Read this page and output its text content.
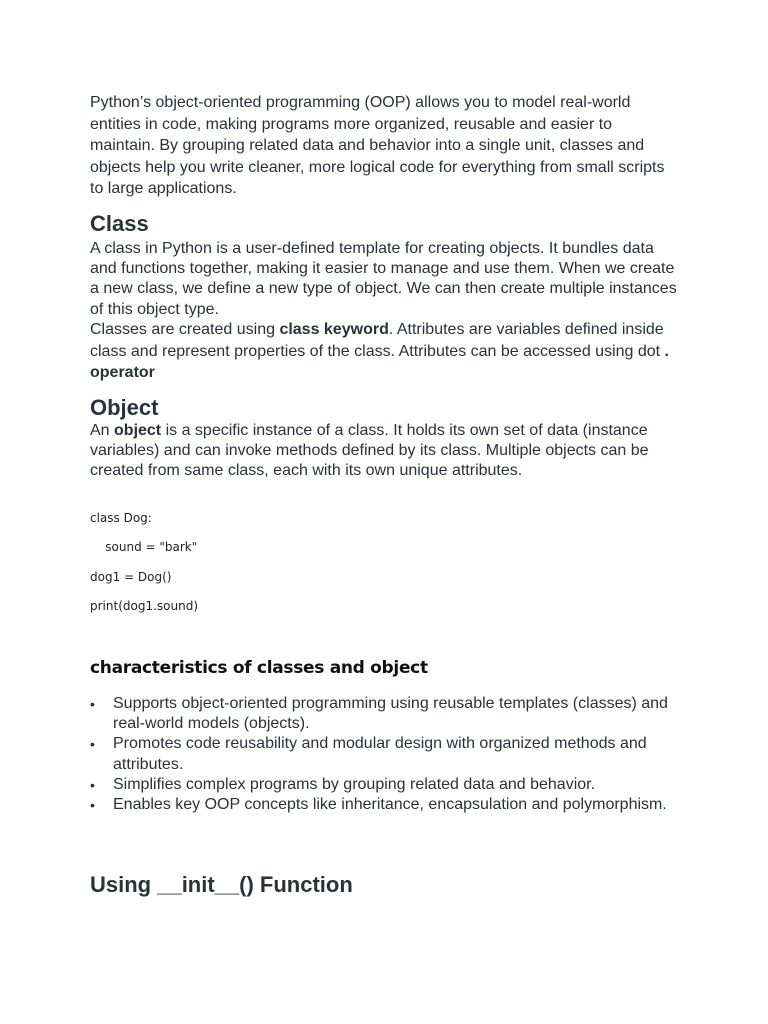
Python’s object-oriented programming (OOP) allows you to model real-world entities in code, making programs more organized, reusable and easier to maintain. By grouping related data and behavior into a single unit, classes and objects help you write cleaner, more logical code for everything from small scripts to large applications.

Class

A class in Python is a user-defined template for creating objects. It bundles data and functions together, making it easier to manage and use them. When we create a new class, we define a new type of object. We can then create multiple instances of this object type.

Classes are created using class keyword. Attributes are variables defined inside class and represent properties of the class. Attributes can be accessed using dot . operator

Object

An object is a specific instance of a class. It holds its own set of data (instance variables) and can invoke methods defined by its class. Multiple objects can be created from same class, each with its own unique attributes.

class Dog:

sound = "bark"

dog1 = Dog()

print(dog1.sound)

characteristics of classes and object
• Supports object-oriented programming using reusable templates (classes) and real-world models (objects).
• Promotes code reusability and modular design with organized methods and attributes.
• Simplifies complex programs by grouping related data and behavior.
• Enables key OOP concepts like inheritance, encapsulation and polymorphism.
Using __init__() Function
